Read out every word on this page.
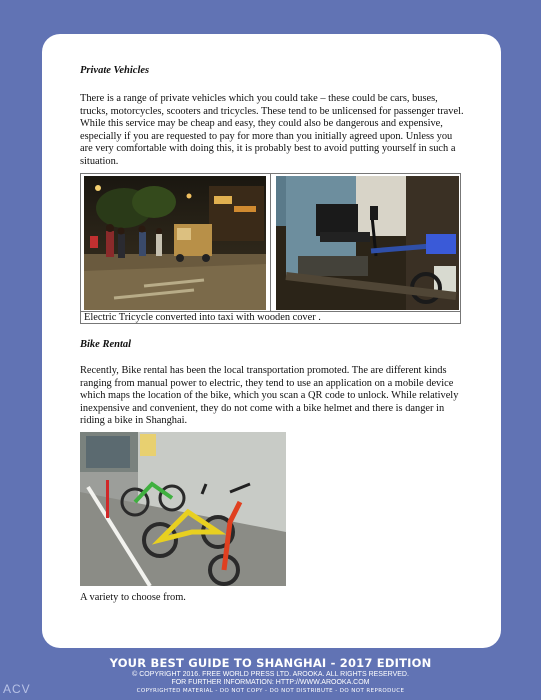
Private Vehicles

There is a range of private vehicles which you could take – these could be cars, buses, trucks, motorcycles, scooters and tricycles. These tend to be unlicensed for passenger travel. While this service may be cheap and easy, they could also be dangerous and expensive, especially if you are requested to pay for more than you initially agreed upon. Unless you are very comfortable with doing this, it is probably best to avoid putting yourself in such a situation.

Electric Tricycle converted into taxi with wooden cover .

Bike Rental

Recently, Bike rental has been the local transportation promoted. The are different kinds ranging from manual power to electric, they tend to use an application on a mobile device which maps the location of the bike, which you scan a QR code to unlock. While relatively inexpensive and convenient, they do not come with a bike helmet and there is danger in riding a bike in Shanghai.

A variety to choose from.

YOUR BEST GUIDE TO SHANGHAI - 2017 EDITION
© COPYRIGHT 2016. FREE WORLD PRESS LTD. AROOKA. ALL RIGHTS RESERVED.
FOR FURTHER INFORMATION: HTTP://WWW.AROOKA.COM
COPYRIGHTED MATERIAL - DO NOT COPY - DO NOT DISTRIBUTE - DO NOT REPRODUCE
ACV
